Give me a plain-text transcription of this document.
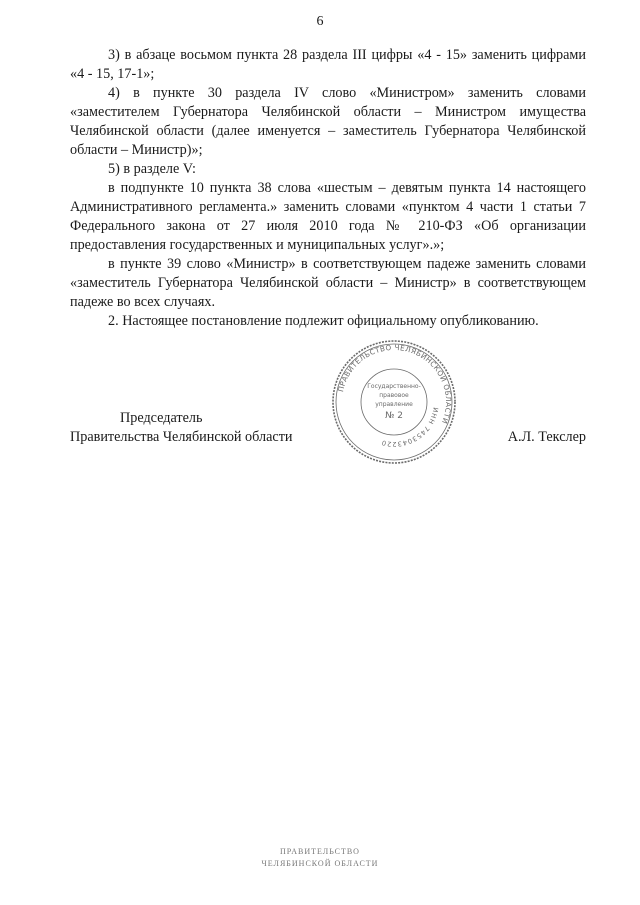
6

3) в абзаце восьмом пункта 28 раздела III цифры «4 - 15» заменить цифрами «4 - 15, 17-1»;

4) в пункте 30 раздела IV слово «Министром» заменить словами «заместителем Губернатора Челябинской области – Министром имущества Челябинской области (далее именуется – заместитель Губернатора Челябинской области – Министр)»;

5) в разделе V:

в подпункте 10 пункта 38 слова «шестым – девятым пункта 14 настоящего Административного регламента.» заменить словами «пунктом 4 части 1 статьи 7 Федерального закона от 27 июля 2010 года № 210-ФЗ «Об организации предоставления государственных и муниципальных услуг».»;

в пункте 39 слово «Министр» в соответствующем падеже заменить словами «заместитель Губернатора Челябинской области – Министр» в соответствующем падеже во всех случаях.

2. Настоящее постановление подлежит официальному опубликованию.

ПРАВИТЕЛЬСТВО ЧЕЛЯБИНСКОЙ ОБЛАСТИ
ИНН 7453043220
Государственно-
правовое
управление
№ 2
Председатель
Правительства Челябинской области	А.Л. Текслер
ПРАВИТЕЛЬСТВО
ЧЕЛЯБИНСКОЙ ОБЛАСТИ
